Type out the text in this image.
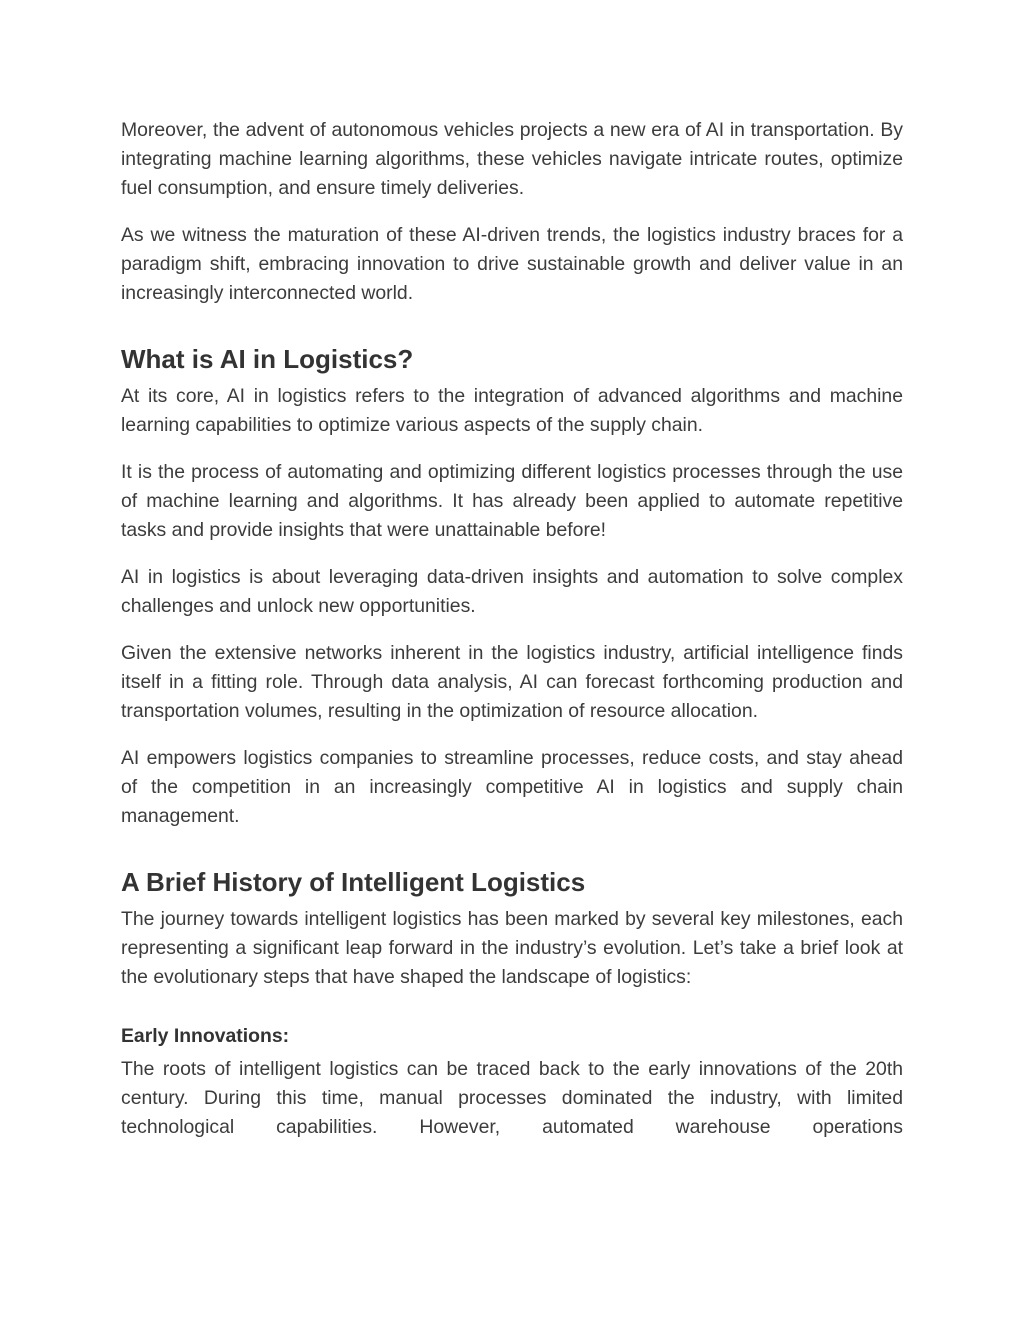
Moreover, the advent of autonomous vehicles projects a new era of AI in transportation. By integrating machine learning algorithms, these vehicles navigate intricate routes, optimize fuel consumption, and ensure timely deliveries.

As we witness the maturation of these AI-driven trends, the logistics industry braces for a paradigm shift, embracing innovation to drive sustainable growth and deliver value in an increasingly interconnected world.

What is AI in Logistics?

At its core, AI in logistics refers to the integration of advanced algorithms and machine learning capabilities to optimize various aspects of the supply chain.

It is the process of automating and optimizing different logistics processes through the use of machine learning and algorithms. It has already been applied to automate repetitive tasks and provide insights that were unattainable before!

AI in logistics is about leveraging data-driven insights and automation to solve complex challenges and unlock new opportunities.

Given the extensive networks inherent in the logistics industry, artificial intelligence finds itself in a fitting role. Through data analysis, AI can forecast forthcoming production and transportation volumes, resulting in the optimization of resource allocation.

AI empowers logistics companies to streamline processes, reduce costs, and stay ahead of the competition in an increasingly competitive AI in logistics and supply chain management.

A Brief History of Intelligent Logistics

The journey towards intelligent logistics has been marked by several key milestones, each representing a significant leap forward in the industry’s evolution. Let’s take a brief look at the evolutionary steps that have shaped the landscape of logistics:

Early Innovations:

The roots of intelligent logistics can be traced back to the early innovations of the 20th century. During this time, manual processes dominated the industry, with limited technological capabilities. However, automated warehouse operations
